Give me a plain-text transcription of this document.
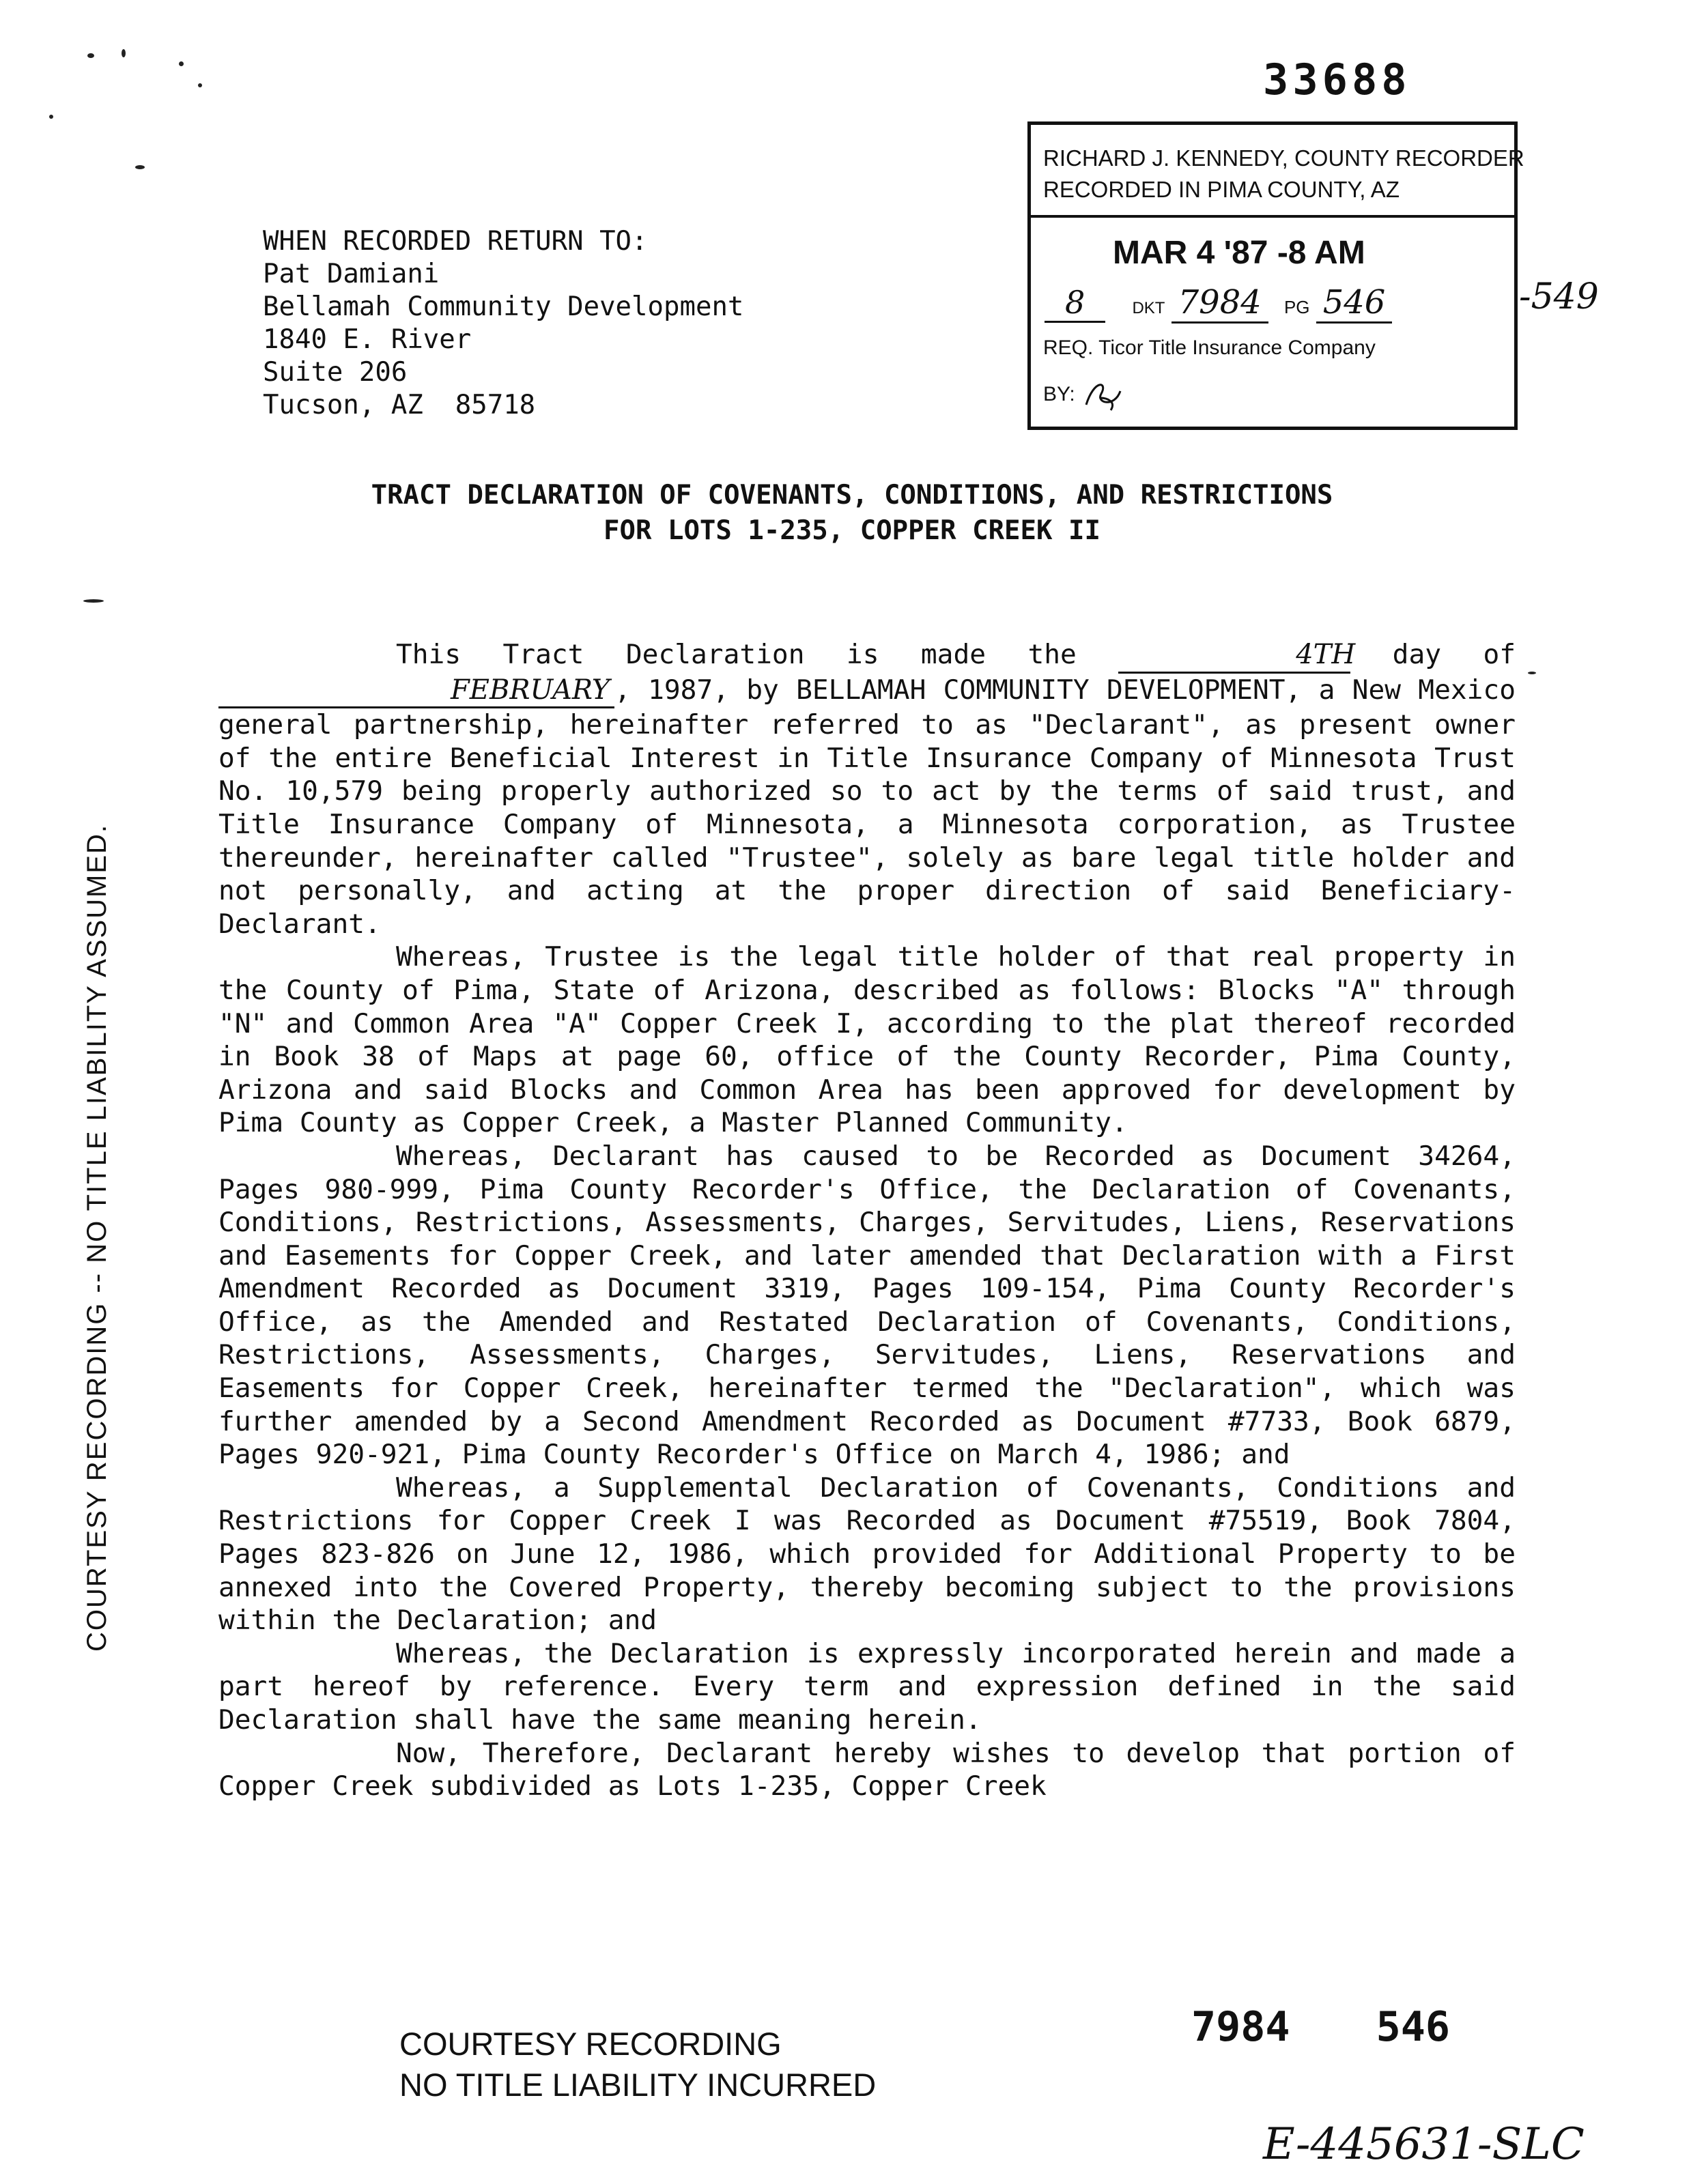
33688
RICHARD J. KENNEDY, COUNTY RECORDER
RECORDED IN PIMA COUNTY, AZ
MAR 4 '87 -8 AM
8	DKT 7984 PG 546
REQ. Ticor Title Insurance Company
BY:
-549
WHEN RECORDED RETURN TO:
Pat Damiani
Bellamah Community Development
1840 E. River
Suite 206
Tucson, AZ  85718
TRACT DECLARATION OF COVENANTS, CONDITIONS, AND RESTRICTIONS
FOR LOTS 1-235, COPPER CREEK II

This Tract Declaration is made the	4TH day of FEBRUARY , 1987, by BELLAMAH COMMUNITY DEVELOPMENT, a New Mexico general partnership, hereinafter referred to as "Declarant", as present owner of the entire Beneficial Interest in Title Insurance Company of Minnesota Trust No. 10,579 being properly authorized so to act by the terms of said trust, and Title Insurance Company of Minnesota, a Minnesota corporation, as Trustee thereunder, hereinafter called "Trustee", solely as bare legal title holder and not personally, and acting at the proper direction of said Beneficiary-Declarant.

Whereas, Trustee is the legal title holder of that real property in the County of Pima, State of Arizona, described as follows: Blocks "A" through "N" and Common Area "A" Copper Creek I, according to the plat thereof recorded in Book 38 of Maps at page 60, office of the County Recorder, Pima County, Arizona and said Blocks and Common Area has been approved for development by Pima County as Copper Creek, a Master Planned Community.

Whereas, Declarant has caused to be Recorded as Document 34264, Pages 980-999, Pima County Recorder's Office, the Declaration of Covenants, Conditions, Restrictions, Assessments, Charges, Servitudes, Liens, Reservations and Easements for Copper Creek, and later amended that Declaration with a First Amendment Recorded as Document 3319, Pages 109-154, Pima County Recorder's Office, as the Amended and Restated Declaration of Covenants, Conditions, Restrictions, Assessments, Charges, Servitudes, Liens, Reservations and Easements for Copper Creek, hereinafter termed the "Declaration", which was further amended by a Second Amendment Recorded as Document #7733, Book 6879, Pages 920-921, Pima County Recorder's Office on March 4, 1986; and

Whereas, a Supplemental Declaration of Covenants, Conditions and Restrictions for Copper Creek I was Recorded as Document #75519, Book 7804, Pages 823-826 on June 12, 1986, which provided for Additional Property to be annexed into the Covered Property, thereby becoming subject to the provisions within the Declaration; and

Whereas, the Declaration is expressly incorporated herein and made a part hereof by reference. Every term and expression defined in the said Declaration shall have the same meaning herein.

Now, Therefore, Declarant hereby wishes to develop that portion of Copper Creek subdivided as Lots 1-235, Copper Creek

COURTESY RECORDING -- NO TITLE LIABILITY ASSUMED.
7984 546
COURTESY RECORDING
NO TITLE LIABILITY INCURRED
E-445631-SLC
